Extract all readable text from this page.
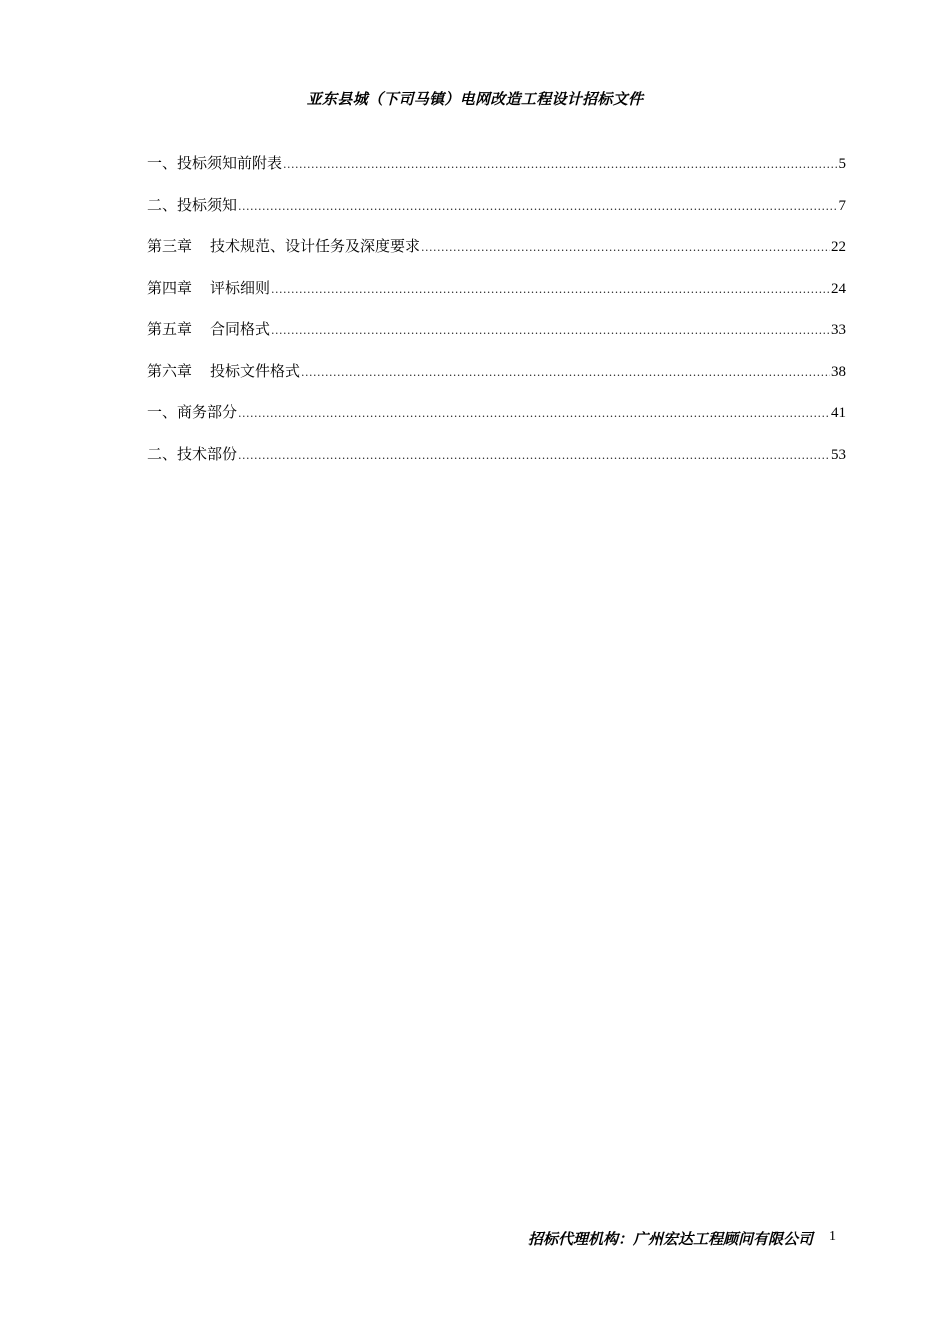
亚东县城（下司马镇）电网改造工程设计招标文件
一、投标须知前附表 .....	5
二、投标须知 .....	7
第三章 技术规范、设计任务及深度要求 .....	22
第四章 评标细则 .....	24
第五章 合同格式 .....	33
第六章 投标文件格式 .....	38
一、商务部分 .....	41
二、技术部份 .....	53
招标代理机构：广州宏达工程顾问有限公司 1
